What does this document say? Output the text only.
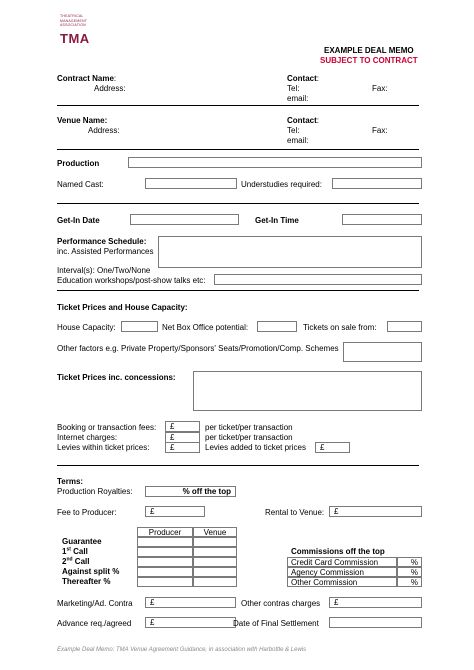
THEATRICAL MANAGEMENT ASSOCIATION
TMA
EXAMPLE DEAL MEMO
SUBJECT TO CONTRACT
Contract Name:
Address:
Contact:
Tel:	Fax:
email:
Venue Name:
Address:
Contact:
Tel:	Fax:
email:
Production
Named Cast:	Understudies required:
Get-In Date	Get-In Time
Performance Schedule:
inc. Assisted Performances
Interval(s): One/Two/None
Education workshops/post-show talks etc:
Ticket Prices and House Capacity:
House Capacity:	Net Box Office potential:	Tickets on sale from:
Other factors e.g. Private Property/Sponsors' Seats/Promotion/Comp. Schemes
Ticket Prices inc. concessions:
Booking or transaction fees:	£	per ticket/per transaction
Internet charges:	£	per ticket/per transaction
Levies within ticket prices:	£	Levies added to ticket prices	£
Terms:
Production Royalties:	% off the top
Fee to Producer:	£	Rental to Venue:	£
Producer	Venue
Guarantee
1st Call
2nd Call
Against split %
Thereafter %
Commissions off the top
Credit Card Commission	%
Agency Commission	%
Other Commission	%
Marketing/Ad. Contra	£	Other contras charges	£
Advance req./agreed	£	Date of Final Settlement
Example Deal Memo: TMA Venue Agreement Guidance, in association with Harbottle & Lewis
